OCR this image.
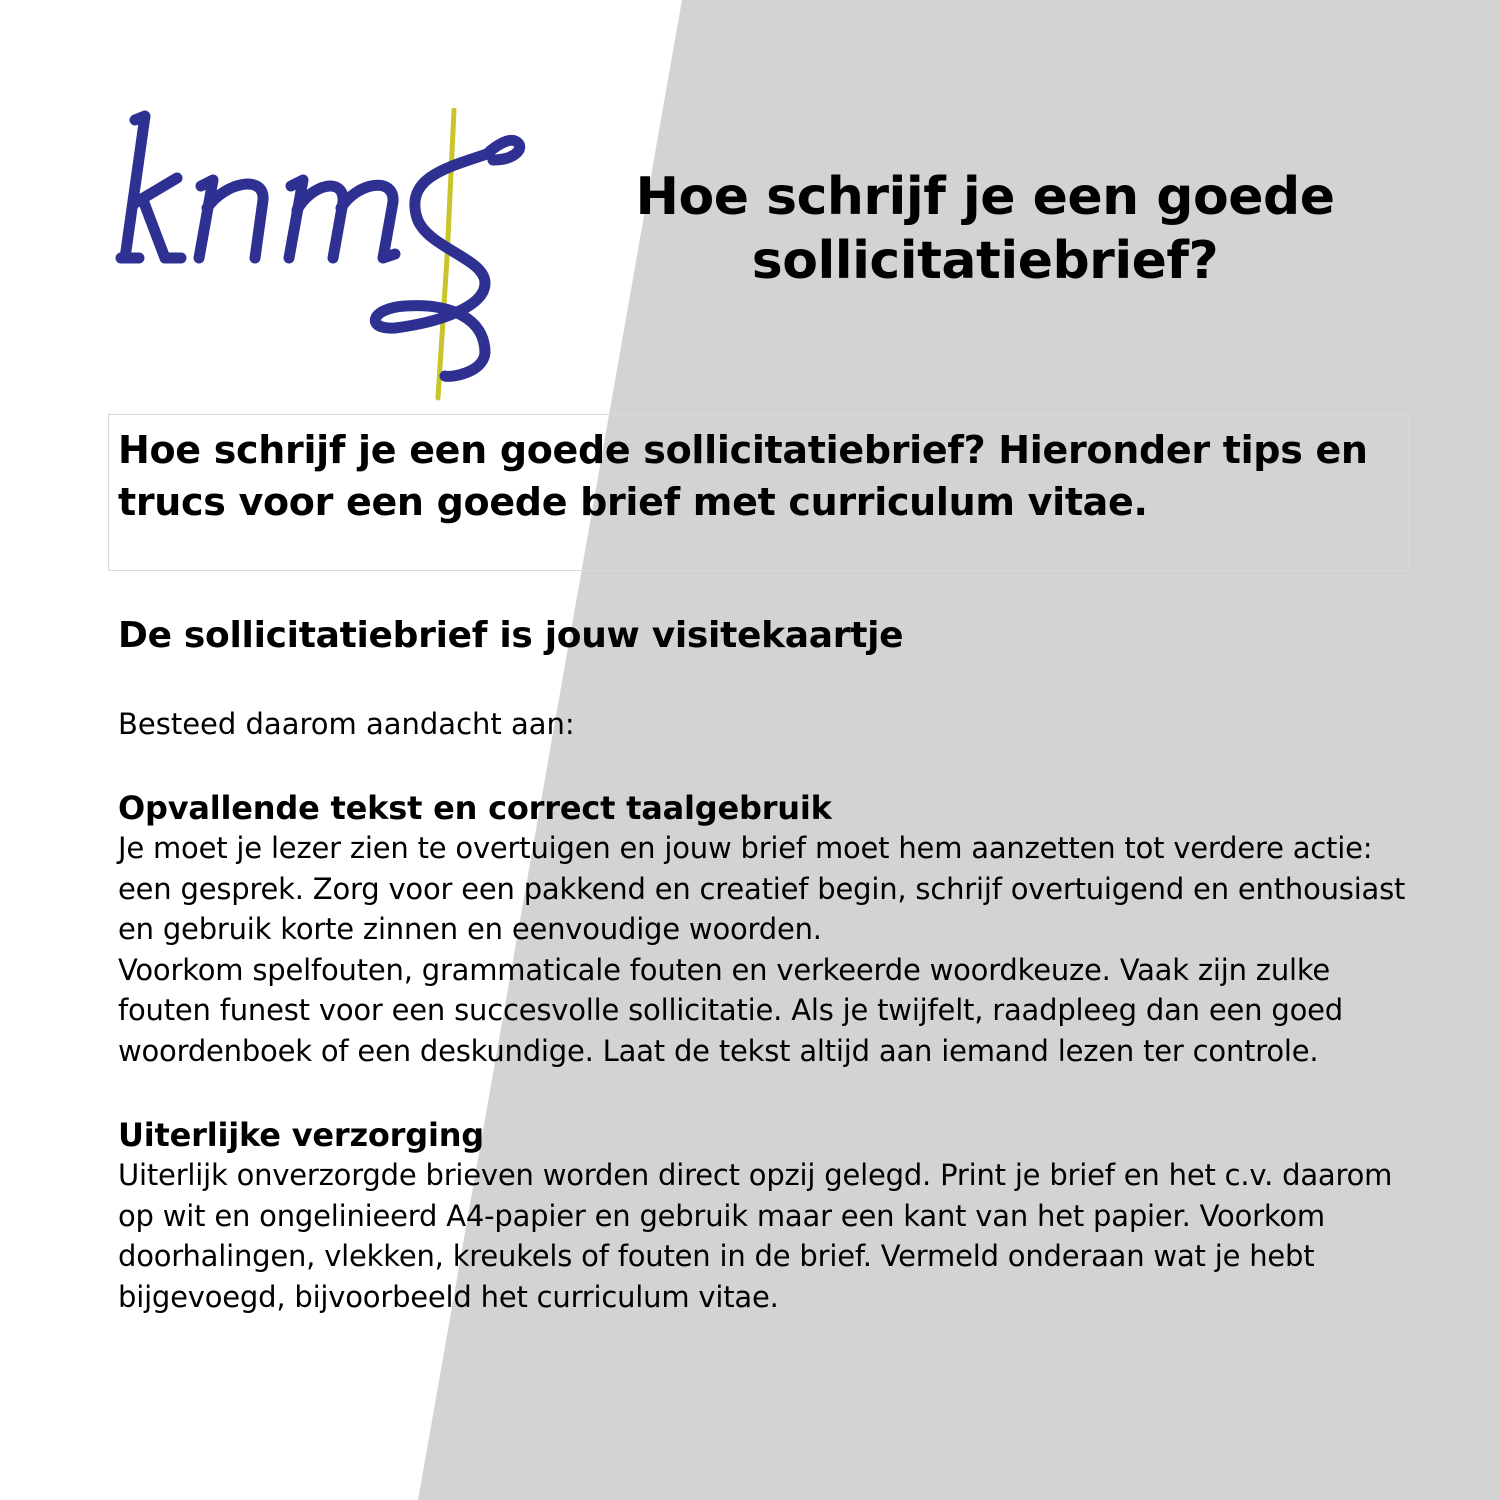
Hoe schrijf je een goede sollicitatiebrief?

Hoe schrijf je een goede sollicitatiebrief? Hieronder tips en trucs voor een goede brief met curriculum vitae.

De sollicitatiebrief is jouw visitekaartje

Besteed daarom aandacht aan:

Opvallende tekst en correct taalgebruik

Je moet je lezer zien te overtuigen en jouw brief moet hem aanzetten tot verdere actie: een gesprek. Zorg voor een pakkend en creatief begin, schrijf overtuigend en enthousiast en gebruik korte zinnen en eenvoudige woorden.

Voorkom spelfouten, grammaticale fouten en verkeerde woordkeuze. Vaak zijn zulke fouten funest voor een succesvolle sollicitatie. Als je twijfelt, raadpleeg dan een goed woordenboek of een deskundige. Laat de tekst altijd aan iemand lezen ter controle.

Uiterlijke verzorging

Uiterlijk onverzorgde brieven worden direct opzij gelegd. Print je brief en het c.v. daarom op wit en ongelinieerd A4-papier en gebruik maar een kant van het papier. Voorkom doorhalingen, vlekken, kreukels of fouten in de brief. Vermeld onderaan wat je hebt bijgevoegd, bijvoorbeeld het curriculum vitae.
